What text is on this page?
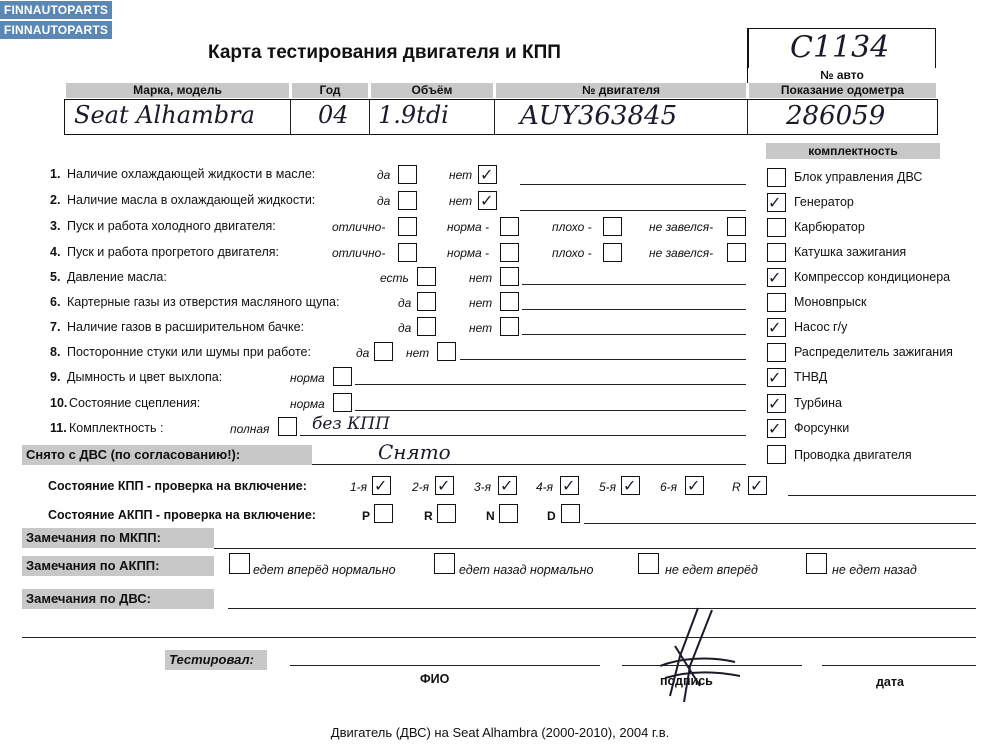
FINNAUTOPARTS
FINNAUTOPARTS
Карта тестирования двигателя и КПП	С1134
№ авто
Марка, модель	Год	Объём	№ двигателя	Показание одометра
Seat Alhambra	04 1.9tdi	AUY363845	286059
комплектность
Блок управления ДВС
✓ Генератор
Карбюратор
Катушка зажигания
✓ Компрессор кондиционера
Моновпрыск
✓ Насос г/у
Распределитель зажигания
✓ ТНВД
✓ Турбина
✓ Форсунки
Проводка двигателя
1. Наличие охлаждающей жидкости в масле:	да	нет ✓
2. Наличие масла в охлаждающей жидкости:	да	нет ✓
3. Пуск и работа холодного двигателя:	отлично-	норма -	плохо -	не завелся-
4. Пуск и работа прогретого двигателя:	отлично-	норма -	плохо -	не завелся-
5. Давление масла:	есть	нет
6. Картерные газы из отверстия масляного щупа:	да	нет
7. Наличие газов в расширительном бачке:	да	нет
8. Посторонние стуки или шумы при работе:	да	нет
9. Дымность и цвет выхлопа:	норма
10. Состояние сцепления:	норма
11. Комплектность :	полная	без КПП
Снято с ДВС (по согласованию!):	Снято
Состояние КПП - проверка на включение:	1-я ✓ 2-я ✓ 3-я ✓ 4-я ✓ 5-я ✓ 6-я ✓	R ✓
Состояние АКПП - проверка на включение:	P	R	N	D
Замечания по МКПП:
Замечания по АКПП:	едет вперёд нормально	едет назад нормально	не едет вперёд	не едет назад
Замечания по ДВС:
Тестировал:
ФИО	подпись	дата
Двигатель (ДВС) на Seat Alhambra (2000-2010), 2004 г.в.
